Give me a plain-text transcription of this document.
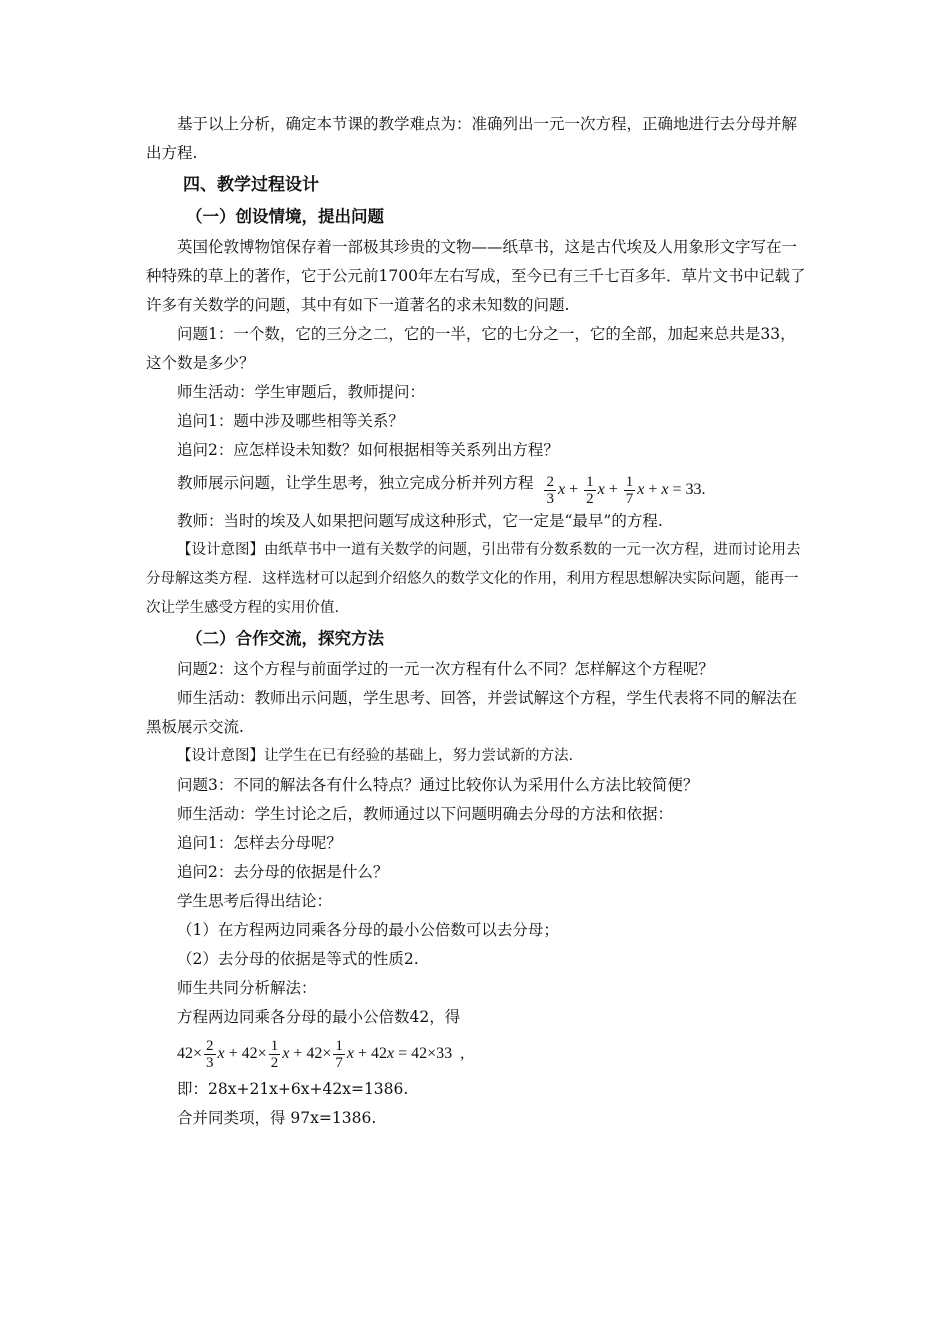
基于以上分析，确定本节课的教学难点为：准确列出一元一次方程，正确地进行去分母并解出方程.

四、教学过程设计
（一）创设情境，提出问题

英国伦敦博物馆保存着一部极其珍贵的文物——纸草书，这是古代埃及人用象形文字写在一种特殊的草上的著作，它于公元前1700年左右写成，至今已有三千七百多年．草片文书中记载了许多有关数学的问题，其中有如下一道著名的求未知数的问题.

问题1：一个数，它的三分之二，它的一半，它的七分之一，它的全部，加起来总共是33，这个数是多少？

师生活动：学生审题后，教师提问：

追问1：题中涉及哪些相等关系？

追问2：应怎样设未知数？如何根据相等关系列出方程？

教师展示问题，让学生思考，独立完成分析并列方程 $\frac{2}{3}$ $x + \frac{1}{2}$ $x + \frac{1}{7}$ x + x = 33.

教师：当时的埃及人如果把问题写成这种形式，它一定是“最早”的方程.

【设计意图】由纸草书中一道有关数学的问题，引出带有分数系数的一元一次方程，进而讨论用去分母解这类方程．这样选材可以起到介绍悠久的数学文化的作用，利用方程思想解决实际问题，能再一次让学生感受方程的实用价值.

（二）合作交流，探究方法

问题2：这个方程与前面学过的一元一次方程有什么不同？怎样解这个方程呢？

师生活动：教师出示问题，学生思考、回答，并尝试解这个方程，学生代表将不同的解法在黑板展示交流.

【设计意图】让学生在已有经验的基础上，努力尝试新的方法.

问题3：不同的解法各有什么特点？通过比较你认为采用什么方法比较简便？

师生活动：学生讨论之后，教师通过以下问题明确去分母的方法和依据：

追问1：怎样去分母呢？

追问2：去分母的依据是什么？

学生思考后得出结论：

（1）在方程两边同乘各分母的最小公倍数可以去分母；

（2）去分母的依据是等式的性质2.

师生共同分析解法：

方程两边同乘各分母的最小公倍数42，得

$42\times \frac{2}{3}$ $x + 42\times \frac{1}{2}$ $x + 42\times \frac{1}{7}$ x + 42x = 42×33 ,

即：28x+21x+6x+42x=1386.

合并同类项，得 97x=1386.
